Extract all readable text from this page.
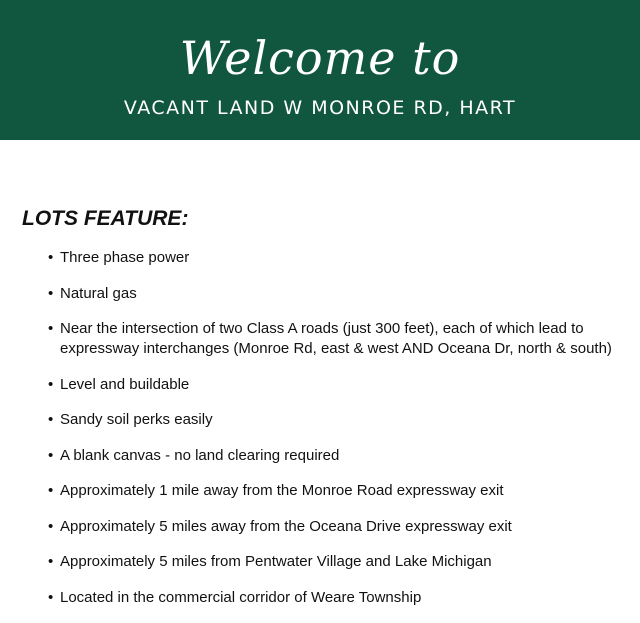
Welcome to
VACANT LAND W MONROE RD, HART
LOTS FEATURE:
• Three phase power
• Natural gas
• Near the intersection of two Class A roads (just 300 feet), each of which lead to expressway interchanges (Monroe Rd, east & west AND Oceana Dr, north & south)
• Level and buildable
• Sandy soil perks easily
• A blank canvas - no land clearing required
• Approximately 1 mile away from the Monroe Road expressway exit
• Approximately 5 miles away from the Oceana Drive expressway exit
• Approximately 5 miles from Pentwater Village and Lake Michigan
• Located in the commercial corridor of Weare Township
